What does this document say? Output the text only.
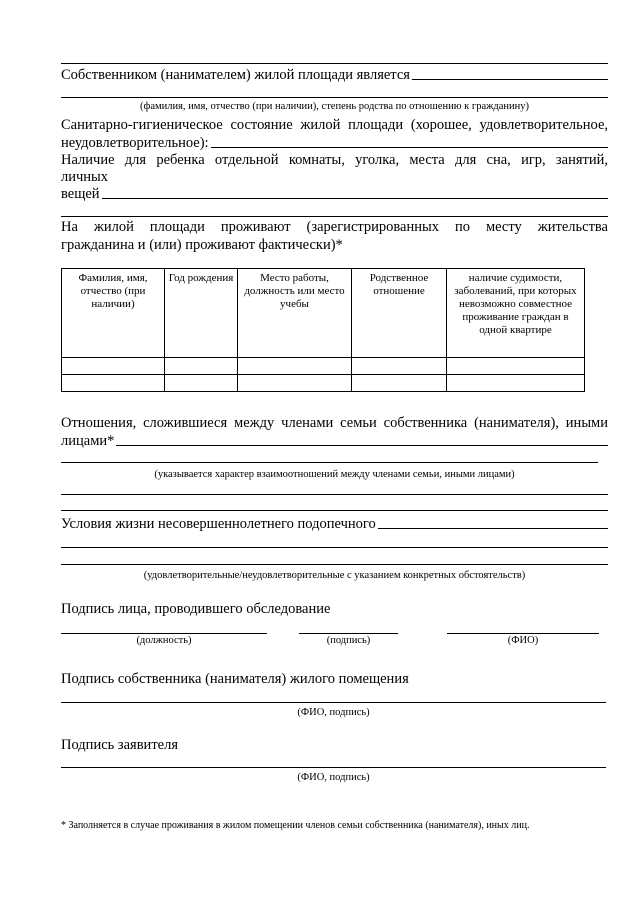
Собственником (нанимателем) жилой площади является
(фамилия, имя, отчество (при наличии), степень родства по отношению к гражданину)
Санитарно-гигиеническое состояние жилой площади (хорошее, удовлетворительное,
неудовлетворительное):
Наличие для ребенка отдельной комнаты, уголка, места для сна, игр, занятий,
личных
вещей
На жилой площади проживают (зарегистрированных по месту жительства
гражданина и (или) проживают фактически)*
Фамилия, имя, отчество (при наличии)	Год рождения	Место работы, должность или место учебы	Родственное отношение	наличие судимости, заболеваний, при которых невозможно совместное проживание граждан в одной квартире

Отношения, сложившиеся между членами семьи собственника (нанимателя), иными
лицами*
(указывается характер взаимоотношений между членами семьи, иными лицами)
Условия жизни несовершеннолетнего подопечного
(удовлетворительные/неудовлетворительные с указанием конкретных обстоятельств)
Подпись лица, проводившего обследование
(должность)	(подпись)	(ФИО)
Подпись собственника (нанимателя) жилого помещения
(ФИО, подпись)
Подпись заявителя
(ФИО, подпись)
* Заполняется в случае проживания в жилом помещении членов семьи собственника (нанимателя), иных лиц.
